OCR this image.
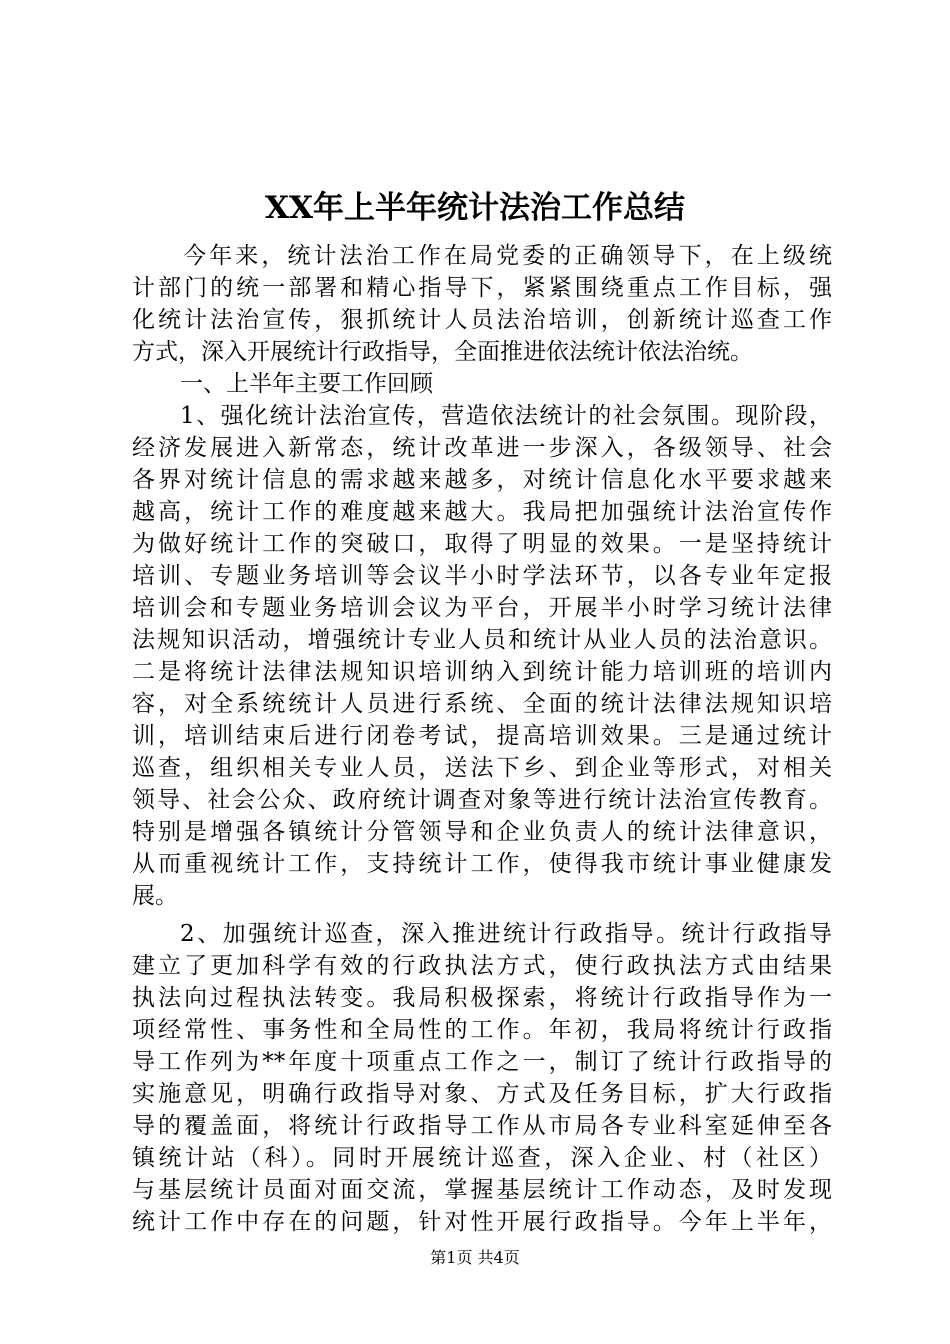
XX年上半年统计法治工作总结
今年来，统计法治工作在局党委的正确领导下，在上级统
计部门的统一部署和精心指导下，紧紧围绕重点工作目标，强
化统计法治宣传，狠抓统计人员法治培训，创新统计巡查工作
方式，深入开展统计行政指导，全面推进依法统计依法治统。
一、上半年主要工作回顾
1、强化统计法治宣传，营造依法统计的社会氛围。现阶段，
经济发展进入新常态，统计改革进一步深入，各级领导、社会
各界对统计信息的需求越来越多，对统计信息化水平要求越来
越高，统计工作的难度越来越大。我局把加强统计法治宣传作
为做好统计工作的突破口，取得了明显的效果。一是坚持统计
培训、专题业务培训等会议半小时学法环节，以各专业年定报
培训会和专题业务培训会议为平台，开展半小时学习统计法律
法规知识活动，增强统计专业人员和统计从业人员的法治意识。
二是将统计法律法规知识培训纳入到统计能力培训班的培训内
容，对全系统统计人员进行系统、全面的统计法律法规知识培
训，培训结束后进行闭卷考试，提高培训效果。三是通过统计
巡查，组织相关专业人员，送法下乡、到企业等形式，对相关
领导、社会公众、政府统计调查对象等进行统计法治宣传教育。
特别是增强各镇统计分管领导和企业负责人的统计法律意识，
从而重视统计工作，支持统计工作，使得我市统计事业健康发
展。
2、加强统计巡查，深入推进统计行政指导。统计行政指导
建立了更加科学有效的行政执法方式，使行政执法方式由结果
执法向过程执法转变。我局积极探索，将统计行政指导作为一
项经常性、事务性和全局性的工作。年初，我局将统计行政指
导工作列为**年度十项重点工作之一，制订了统计行政指导的
实施意见，明确行政指导对象、方式及任务目标，扩大行政指
导的覆盖面，将统计行政指导工作从市局各专业科室延伸至各
镇统计站（科）。同时开展统计巡查，深入企业、村（社区）
与基层统计员面对面交流，掌握基层统计工作动态，及时发现
统计工作中存在的问题，针对性开展行政指导。今年上半年，
第1页 共4页
